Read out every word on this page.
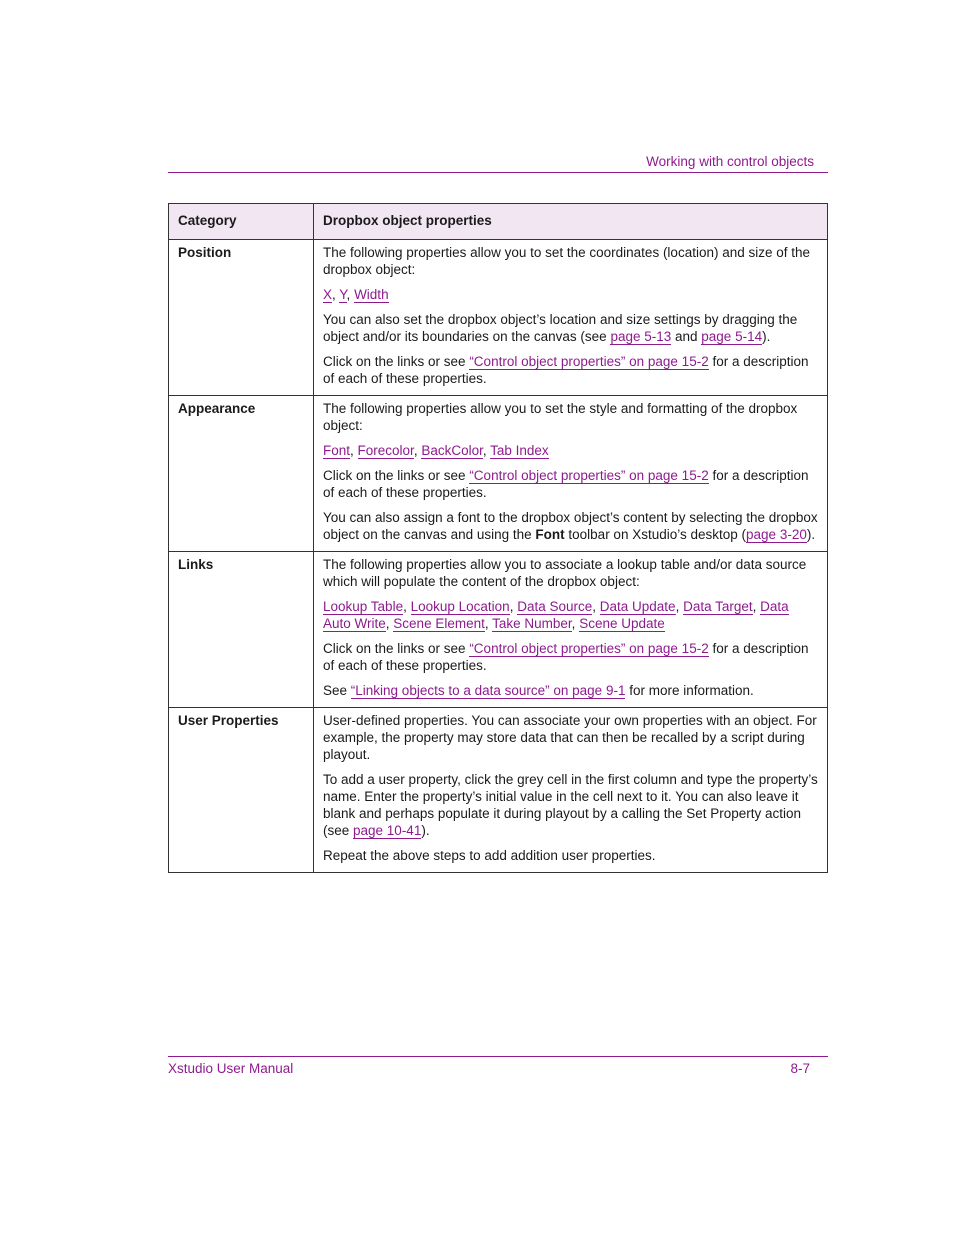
Working with control objects
Category	Dropbox object properties
Position	The following properties allow you to set the coordinates (location) and size of the dropbox object:

X, Y, Width

You can also set the dropbox object’s location and size settings by dragging the object and/or its boundaries on the canvas (see page 5-13 and page 5-14).

Click on the links or see “Control object properties” on page 15-2 for a description of each of these properties.

Appearance	The following properties allow you to set the style and formatting of the dropbox object:

Font, Forecolor, BackColor, Tab Index

Click on the links or see “Control object properties” on page 15-2 for a description of each of these properties.

You can also assign a font to the dropbox object’s content by selecting the dropbox object on the canvas and using the Font toolbar on Xstudio’s desktop (page 3-20).

Links	The following properties allow you to associate a lookup table and/or data source which will populate the content of the dropbox object:

Lookup Table, Lookup Location, Data Source, Data Update, Data Target, Data Auto Write, Scene Element, Take Number, Scene Update

Click on the links or see “Control object properties” on page 15-2 for a description of each of these properties.

See “Linking objects to a data source” on page 9-1 for more information.

User Properties	User-defined properties. You can associate your own properties with an object. For example, the property may store data that can then be recalled by a script during playout.

To add a user property, click the grey cell in the first column and type the property’s name. Enter the property’s initial value in the cell next to it. You can also leave it blank and perhaps populate it during playout by a calling the Set Property action (see page 10-41).

Repeat the above steps to add addition user properties.

Xstudio User Manual	8-7
